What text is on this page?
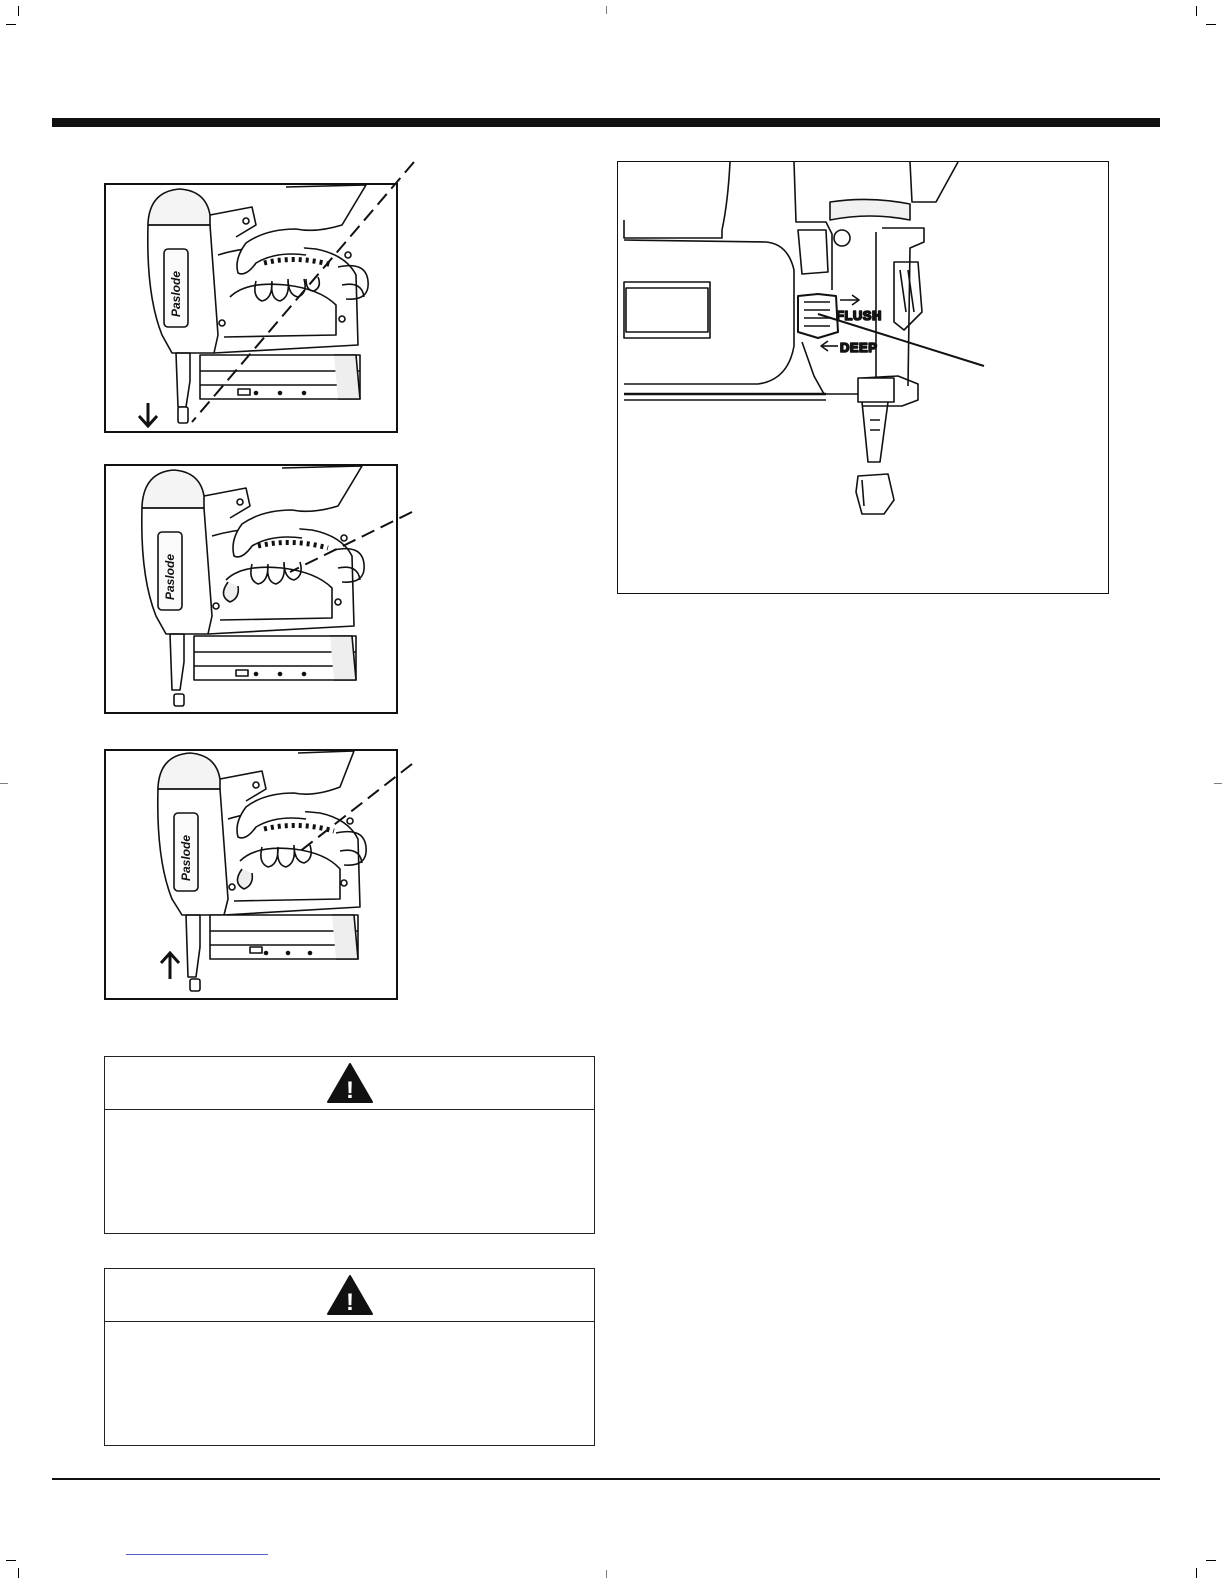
Paslode
Paslode
Paslode
FLUSH
DEEP
!
!
